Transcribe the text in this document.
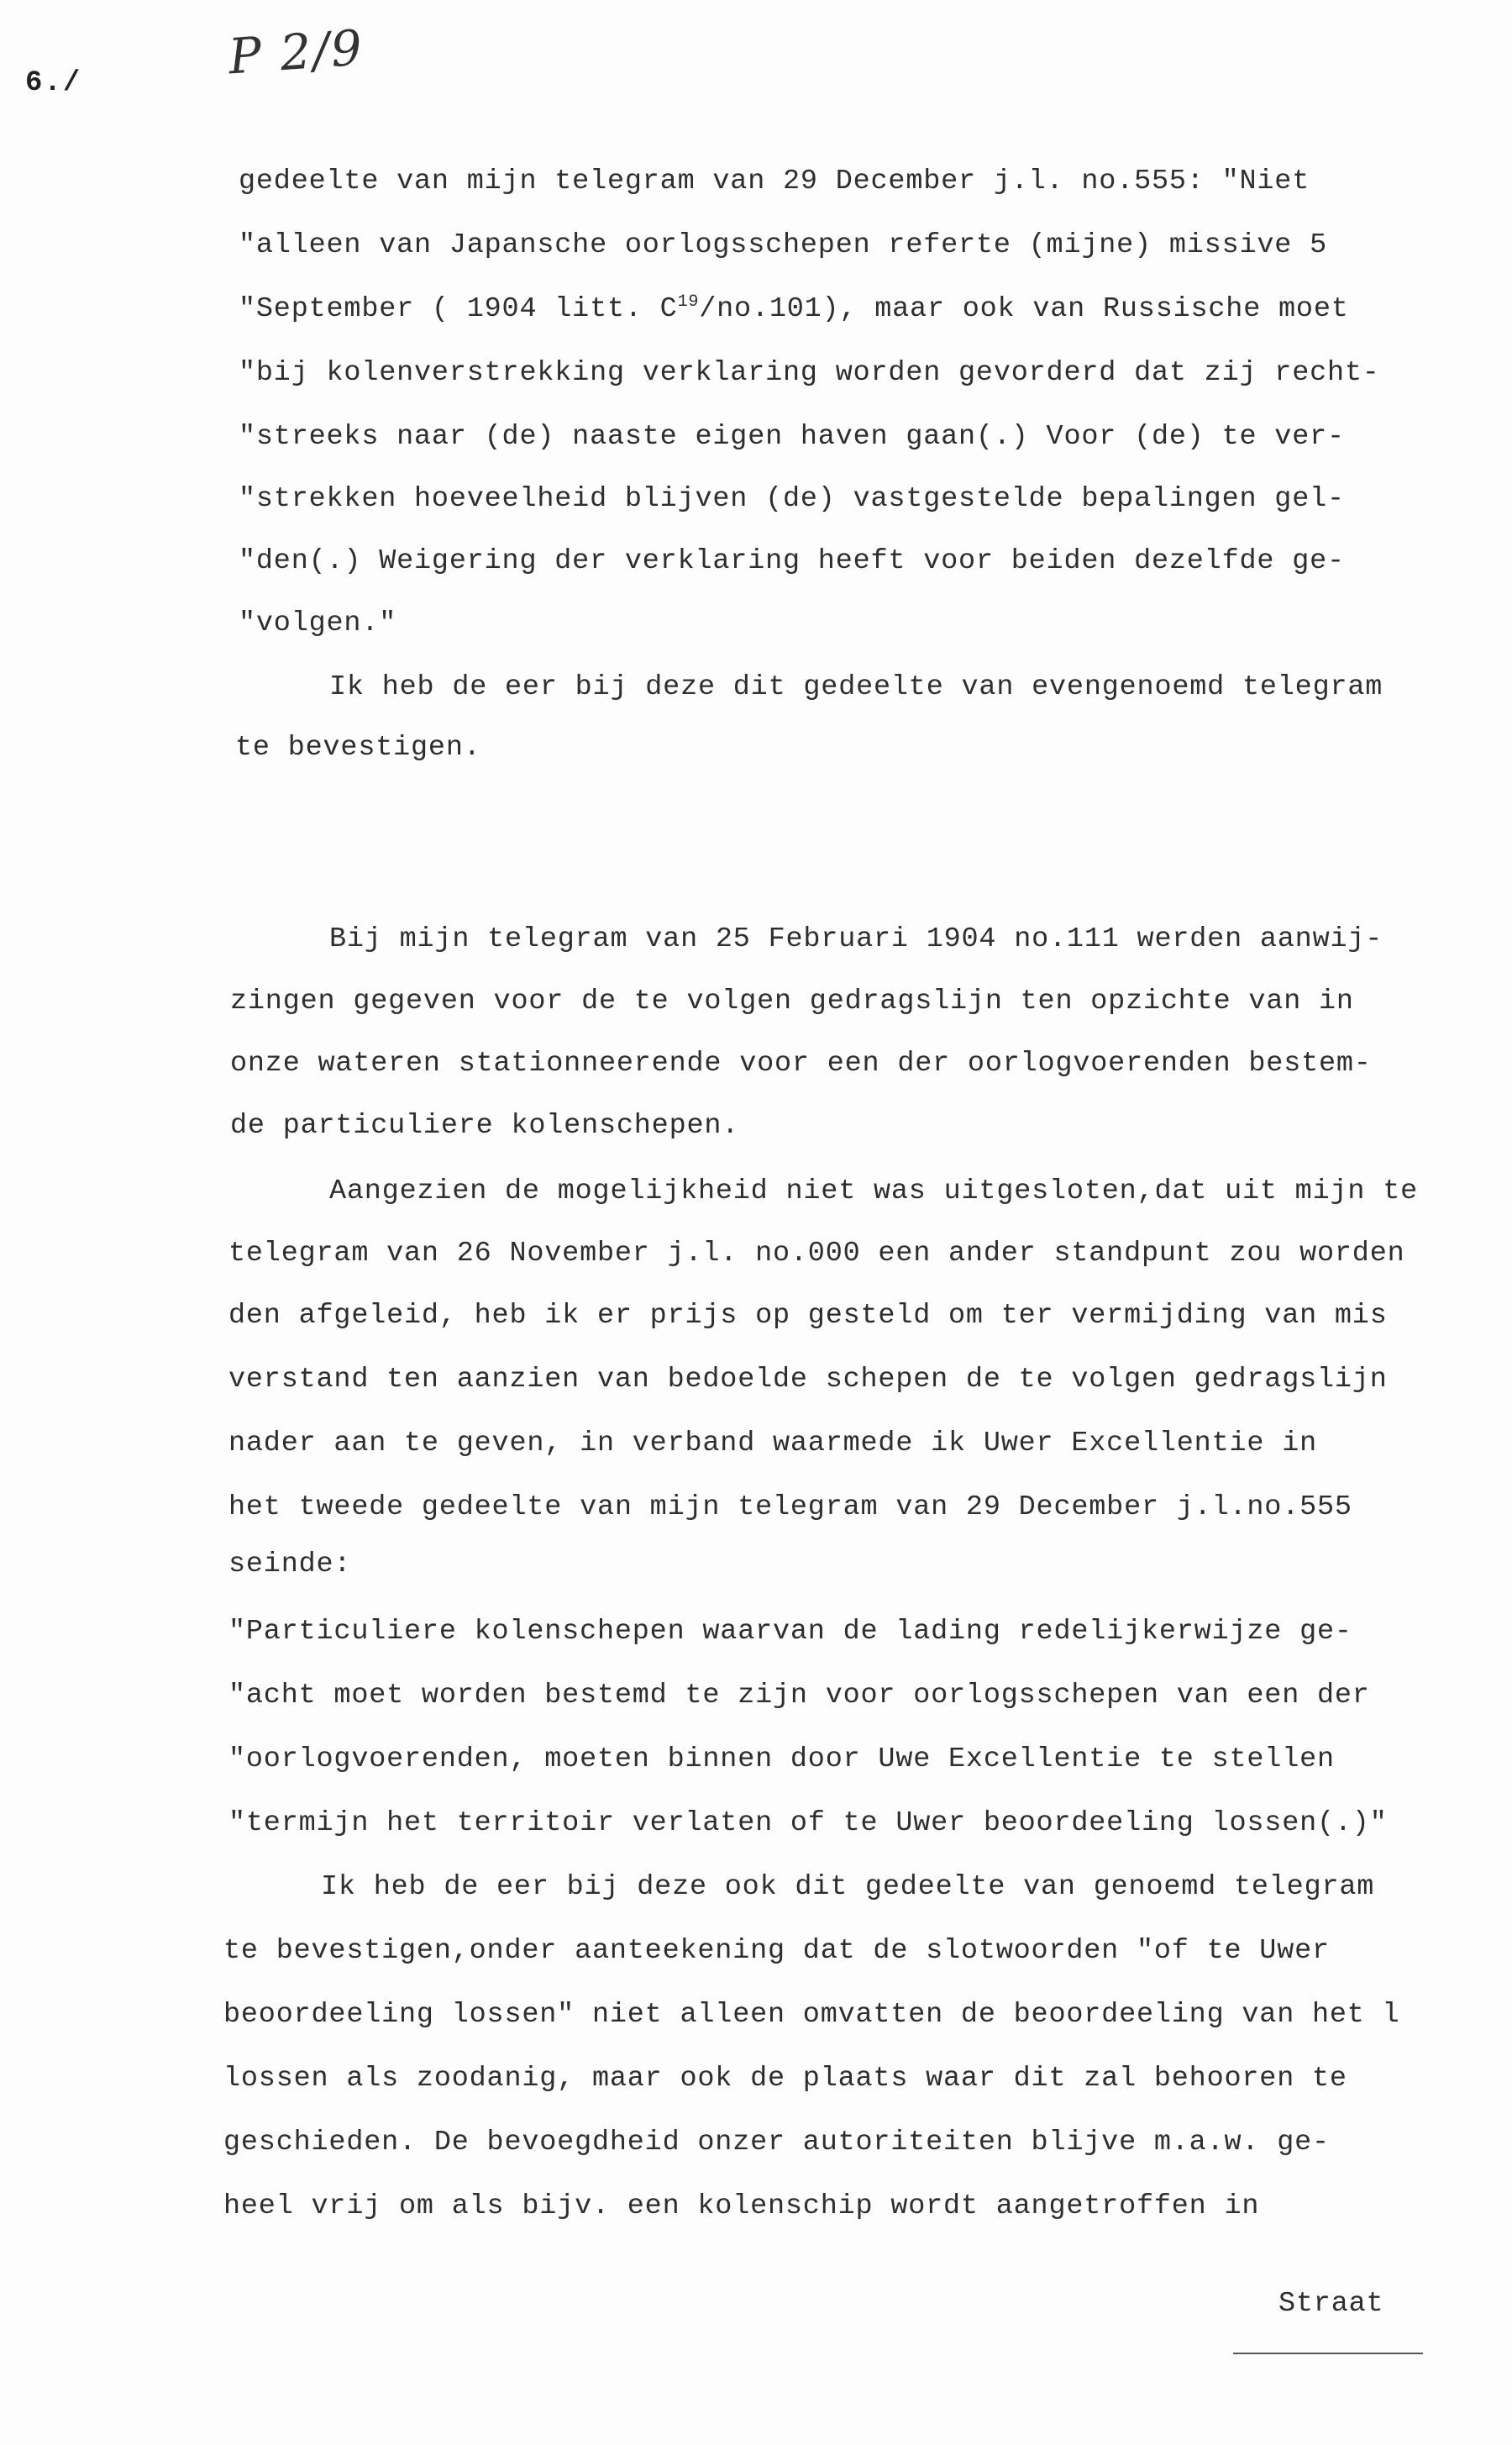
6./	P 2/9
gedeelte van mijn telegram van 29 December j.l. no.555: "Niet
"alleen van Japansche oorlogsschepen referte (mijne) missive 5
"September ( 1904 litt. $C^{19}/no.101$), maar ook van Russische moet
"bij kolenverstrekking verklaring worden gevorderd dat zij recht-
"streeks naar (de) naaste eigen haven gaan(.) Voor (de) te ver-
"strekken hoeveelheid blijven (de) vastgestelde bepalingen gel-
"den(.) Weigering der verklaring heeft voor beiden dezelfde ge-
"volgen."
Ik heb de eer bij deze dit gedeelte van evengenoemd telegram
te bevestigen.
Bij mijn telegram van 25 Februari 1904 no.111 werden aanwij-
zingen gegeven voor de te volgen gedragslijn ten opzichte van in
onze wateren stationneerende voor een der oorlogvoerenden bestem-
de particuliere kolenschepen.
Aangezien de mogelijkheid niet was uitgesloten,dat uit mijn te
telegram van 26 November j.l. no.000 een ander standpunt zou worden
den afgeleid, heb ik er prijs op gesteld om ter vermijding van mis
verstand ten aanzien van bedoelde schepen de te volgen gedragslijn
nader aan te geven, in verband waarmede ik Uwer Excellentie in
het tweede gedeelte van mijn telegram van 29 December j.l.no.555
seinde:
"Particuliere kolenschepen waarvan de lading redelijkerwijze ge-
"acht moet worden bestemd te zijn voor oorlogsschepen van een der
"oorlogvoerenden, moeten binnen door Uwe Excellentie te stellen
"termijn het territoir verlaten of te Uwer beoordeeling lossen(.)"
Ik heb de eer bij deze ook dit gedeelte van genoemd telegram
te bevestigen,onder aanteekening dat de slotwoorden "of te Uwer
beoordeeling lossen" niet alleen omvatten de beoordeeling van het l
lossen als zoodanig, maar ook de plaats waar dit zal behooren te
geschieden. De bevoegdheid onzer autoriteiten blijve m.a.w. ge-
heel vrij om als bijv. een kolenschip wordt aangetroffen in
Straat
